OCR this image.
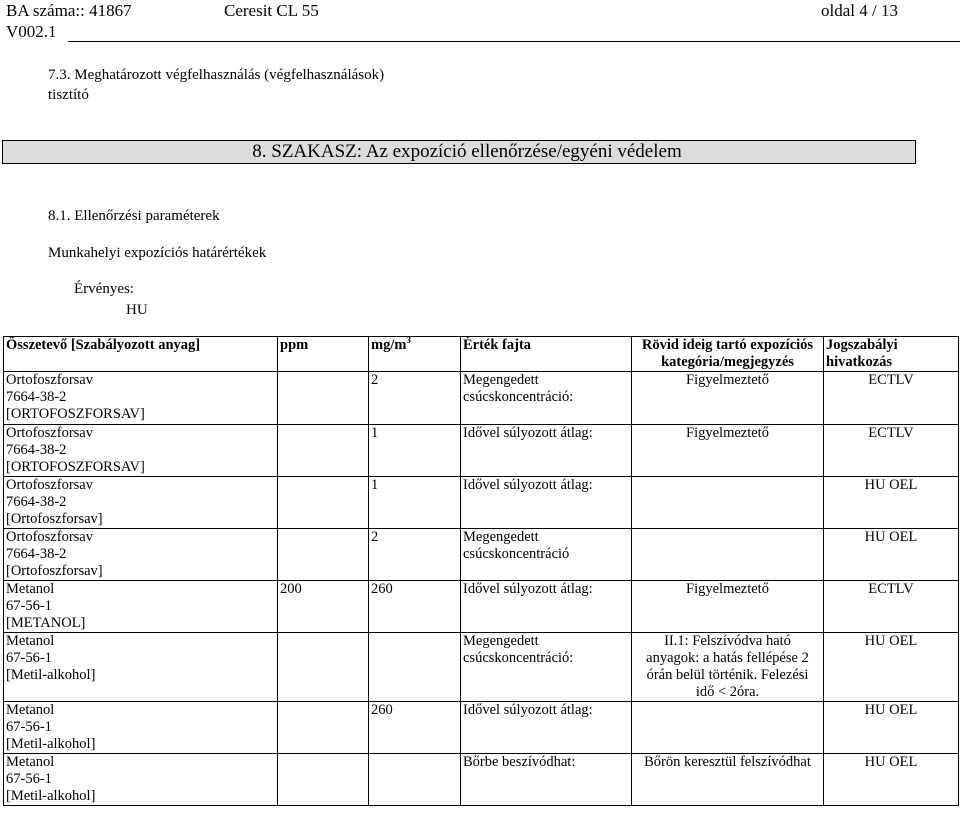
BA száma:: 41867
V002.1
Ceresit CL 55	oldal 4 / 13
7.3. Meghatározott végfelhasználás (végfelhasználások)
tisztító
8. SZAKASZ: Az expozíció ellenőrzése/egyéni védelem
8.1. Ellenőrzési paraméterek
Munkahelyi expozíciós határértékek
Érvényes:
HU
Összetevő [Szabályozott anyag]	ppm	$mg/m^3$	Érték fajta	Rövid ideig tartó expozíciós
kategória/megjegyzés	Jogszabályi
hivatkozás

Ortofoszforsav
7664-38-2
[ORTOFOSZFORSAV]		2	Megengedett
csúcskoncentráció:	Figyelmeztető	ECTLV

Ortofoszforsav
7664-38-2
[ORTOFOSZFORSAV]		1	Idővel súlyozott átlag:	Figyelmeztető	ECTLV

Ortofoszforsav
7664-38-2
[Ortofoszforsav]		1	Idővel súlyozott átlag:		HU OEL

Ortofoszforsav
7664-38-2
[Ortofoszforsav]		2	Megengedett
csúcskoncentráció		HU OEL

Metanol
67-56-1
[METANOL]	200	260	Idővel súlyozott átlag:	Figyelmeztető	ECTLV

Metanol
67-56-1
[Metil-alkohol]			Megengedett
csúcskoncentráció:	II.1: Felszívódva ható
anyagok: a hatás fellépése 2
órán belül történik. Felezési
idő < 2óra.	HU OEL

Metanol
67-56-1
[Metil-alkohol]		260	Idővel súlyozott átlag:		HU OEL

Metanol
67-56-1
[Metil-alkohol]			Bőrbe beszívódhat:	Bőrön keresztül felszívódhat	HU OEL
